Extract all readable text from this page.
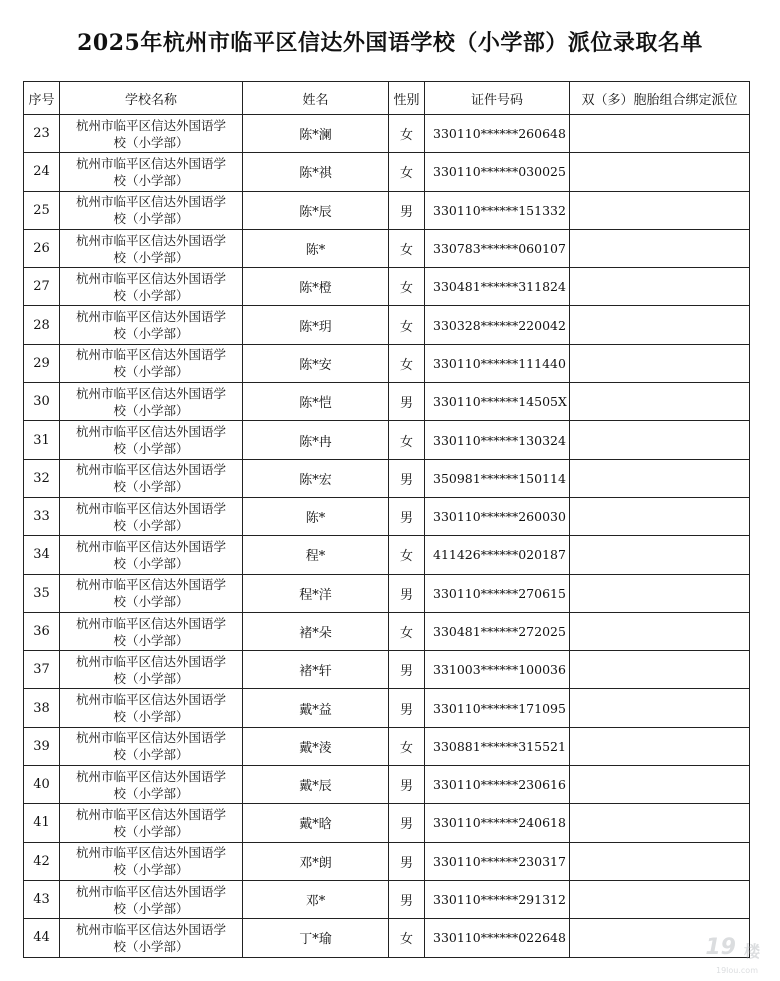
2025年杭州市临平区信达外国语学校（小学部）派位录取名单
序号	学校名称	姓名	性别	证件号码	双（多）胞胎组合绑定派位
23	杭州市临平区信达外国语学
校（小学部）	陈*澜	女	330110******260648	
24	杭州市临平区信达外国语学
校（小学部）	陈*祺	女	330110******030025	
25	杭州市临平区信达外国语学
校（小学部）	陈*辰	男	330110******151332	
26	杭州市临平区信达外国语学
校（小学部）	陈*	女	330783******060107	
27	杭州市临平区信达外国语学
校（小学部）	陈*橙	女	330481******311824	
28	杭州市临平区信达外国语学
校（小学部）	陈*玥	女	330328******220042	
29	杭州市临平区信达外国语学
校（小学部）	陈*安	女	330110******111440	
30	杭州市临平区信达外国语学
校（小学部）	陈*恺	男	330110******14505X	
31	杭州市临平区信达外国语学
校（小学部）	陈*冉	女	330110******130324	
32	杭州市临平区信达外国语学
校（小学部）	陈*宏	男	350981******150114	
33	杭州市临平区信达外国语学
校（小学部）	陈*	男	330110******260030	
34	杭州市临平区信达外国语学
校（小学部）	程*	女	411426******020187	
35	杭州市临平区信达外国语学
校（小学部）	程*洋	男	330110******270615	
36	杭州市临平区信达外国语学
校（小学部）	褚*朵	女	330481******272025	
37	杭州市临平区信达外国语学
校（小学部）	褚*轩	男	331003******100036	
38	杭州市临平区信达外国语学
校（小学部）	戴*益	男	330110******171095	
39	杭州市临平区信达外国语学
校（小学部）	戴*淩	女	330881******315521	
40	杭州市临平区信达外国语学
校（小学部）	戴*辰	男	330110******230616	
41	杭州市临平区信达外国语学
校（小学部）	戴*晗	男	330110******240618	
42	杭州市临平区信达外国语学
校（小学部）	邓*朗	男	330110******230317	
43	杭州市临平区信达外国语学
校（小学部）	邓*	男	330110******291312	
44	杭州市临平区信达外国语学
校（小学部）	丁*瑜	女	330110******022648		19 楼
19lou.com
